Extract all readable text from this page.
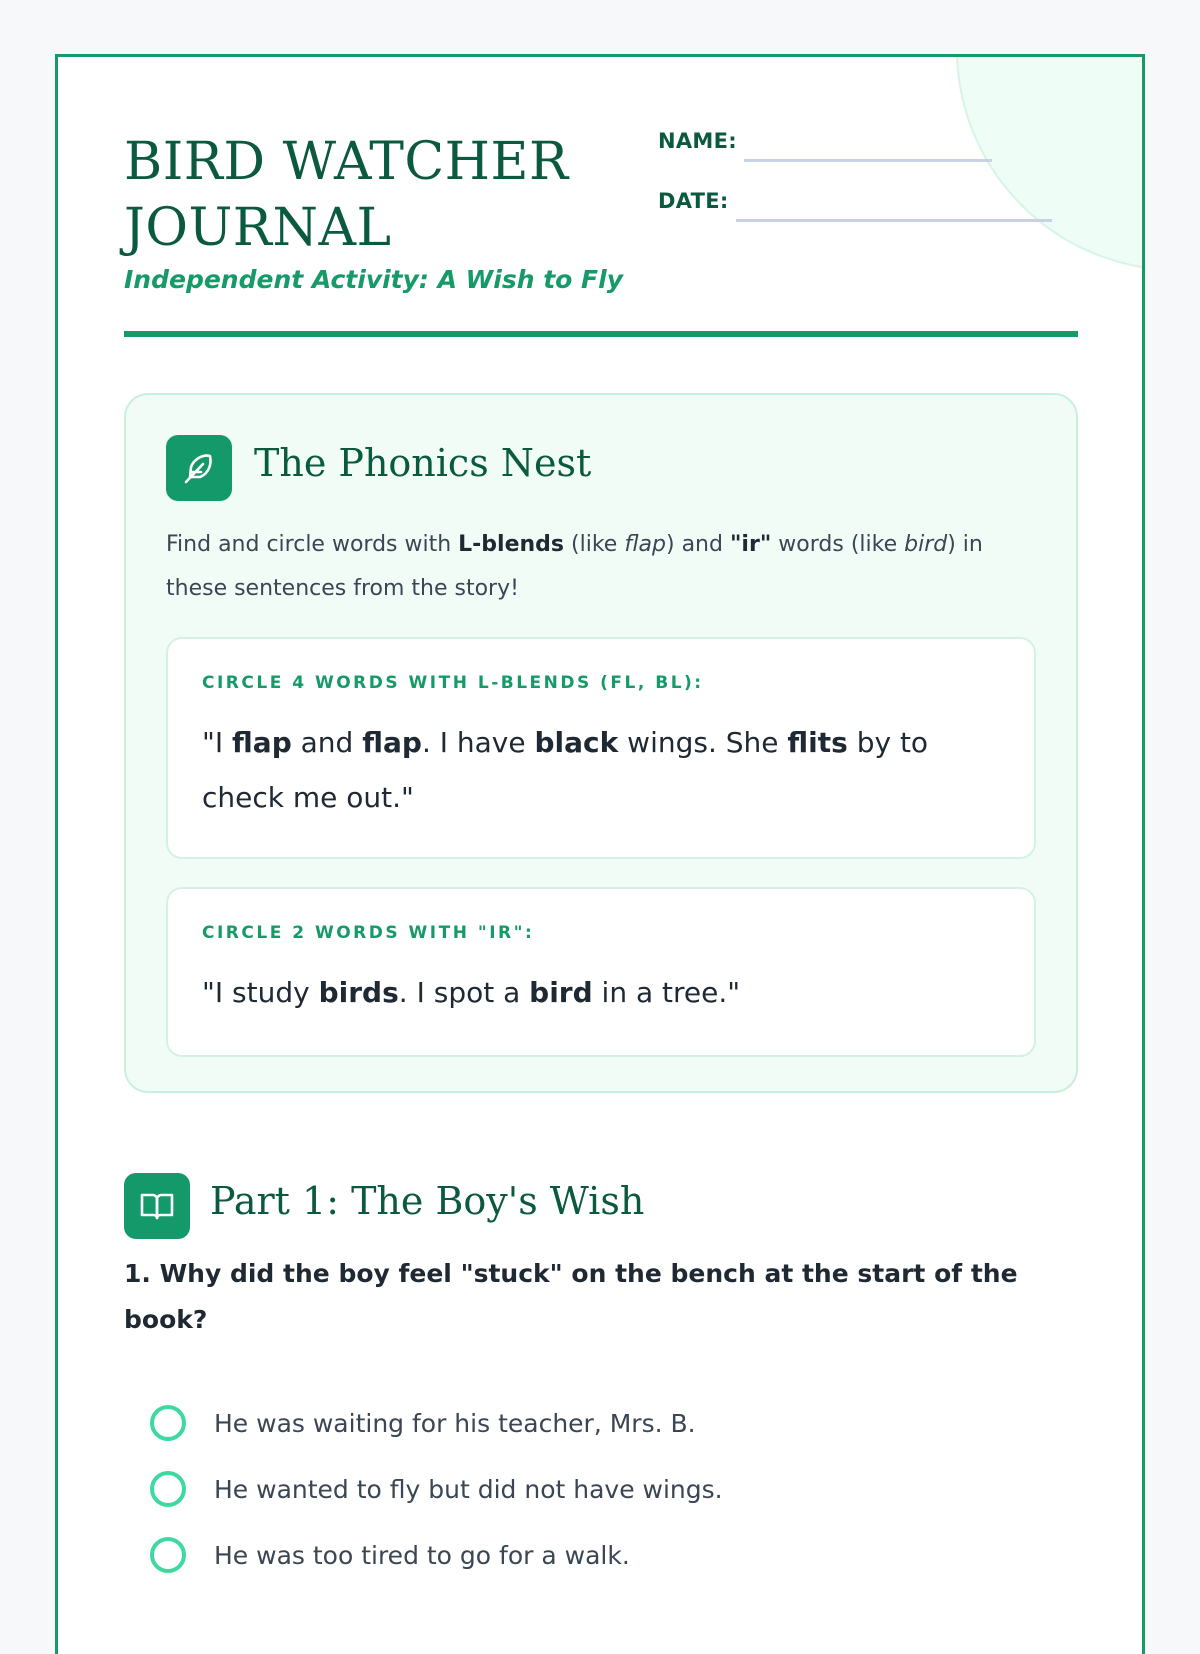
BIRD WATCHER
JOURNAL
Independent Activity: A Wish to Fly
NAME:
DATE:
The Phonics Nest
Find and circle words with L-blends (like flap) and "ir" words (like bird) in these sentences from the story!
CIRCLE 4 WORDS WITH L-BLENDS (FL, BL):
"I flap and flap. I have black wings. She flits by to check me out."
CIRCLE 2 WORDS WITH "IR":
"I study birds. I spot a bird in a tree."
Part 1: The Boy's Wish
1. Why did the boy feel "stuck" on the bench at the start of the book?
He was waiting for his teacher, Mrs. B.
He wanted to fly but did not have wings.
He was too tired to go for a walk.
